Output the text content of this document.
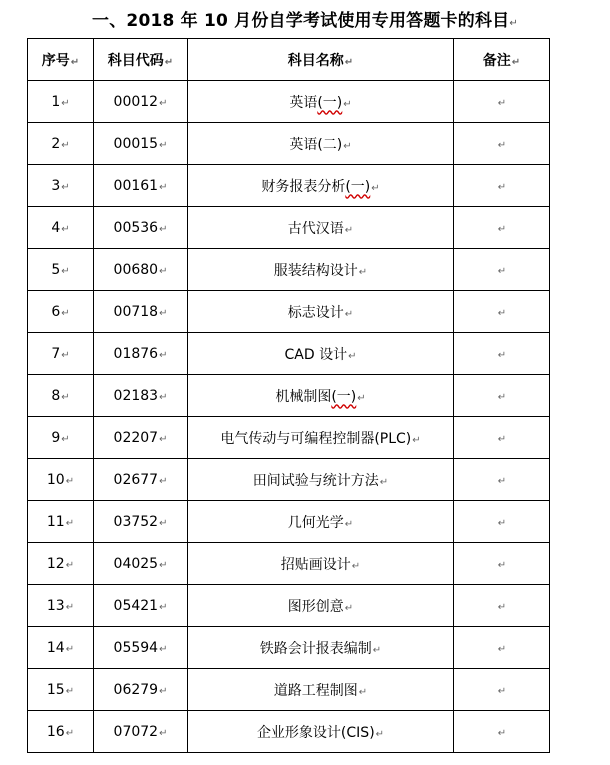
一、2018 年 10 月份自学考试使用专用答题卡的科目↵
序号↵	科目代码↵	科目名称↵	备注↵
1↵	00012↵	英语(一)↵	↵
2↵	00015↵	英语(二)↵	↵
3↵	00161↵	财务报表分析(一)↵	↵
4↵	00536↵	古代汉语↵	↵
5↵	00680↵	服装结构设计↵	↵
6↵	00718↵	标志设计↵	↵
7↵	01876↵	CAD 设计↵	↵
8↵	02183↵	机械制图(一)↵	↵
9↵	02207↵	电气传动与可编程控制器(PLC)↵	↵
10↵	02677↵	田间试验与统计方法↵	↵
11↵	03752↵	几何光学↵	↵
12↵	04025↵	招贴画设计↵	↵
13↵	05421↵	图形创意↵	↵
14↵	05594↵	铁路会计报表编制↵	↵
15↵	06279↵	道路工程制图↵	↵
16↵	07072↵	企业形象设计(CIS)↵	↵
